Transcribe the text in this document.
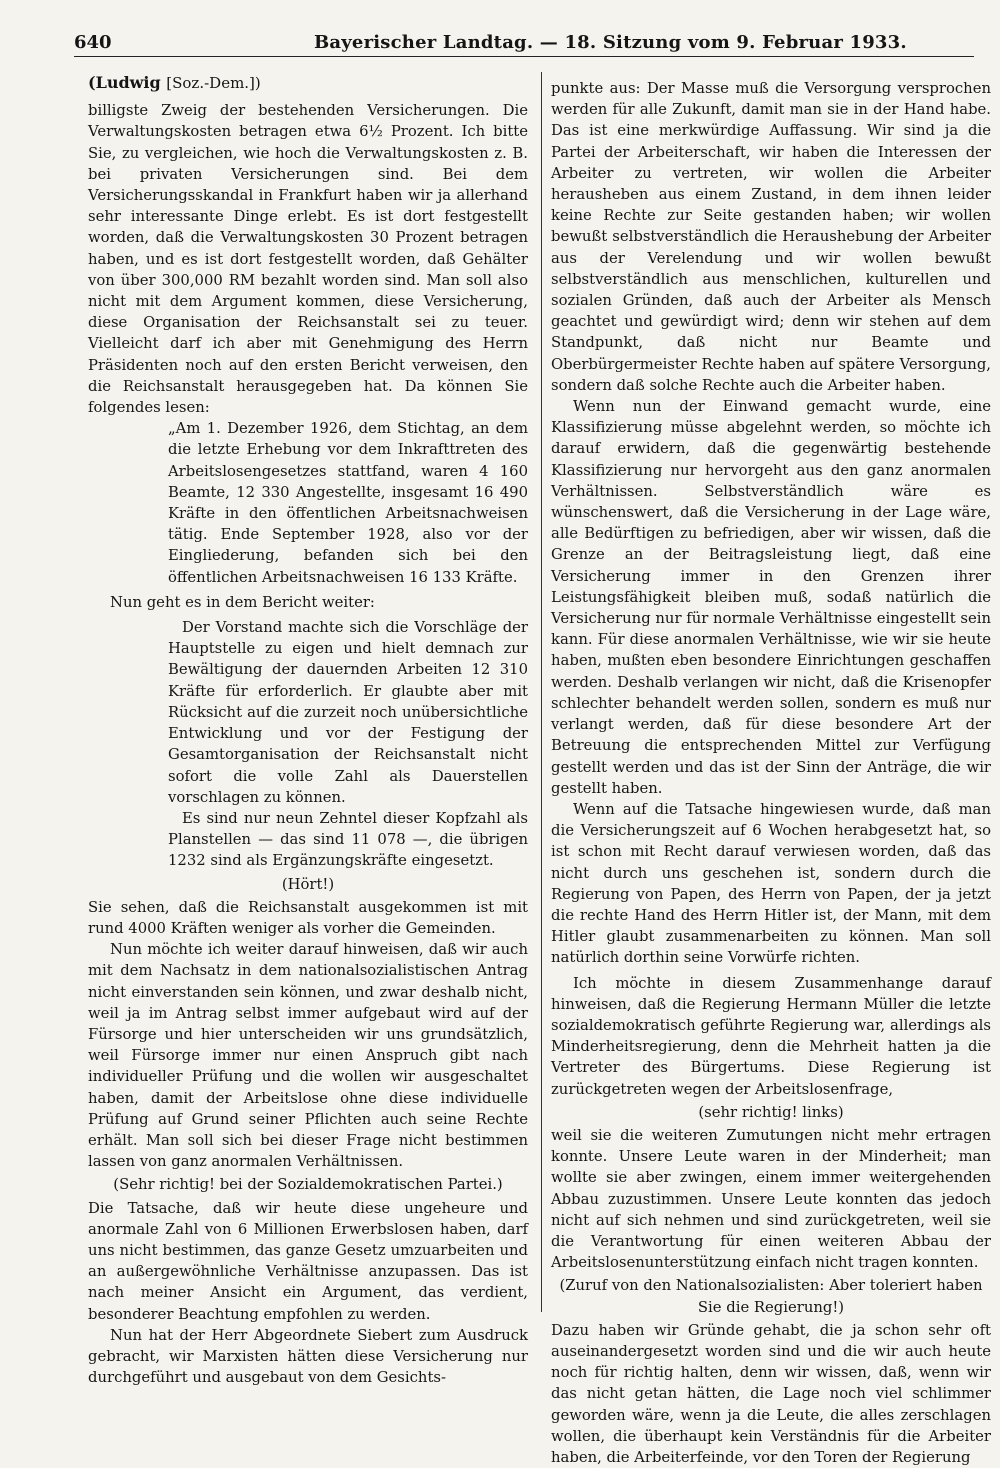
640	Bayerischer Landtag. — 18. Sitzung vom 9. Februar 1933.

(Ludwig [Soz.-Dem.])

billigste Zweig der bestehenden Versicherungen. Die Verwaltungskosten betragen etwa 6½ Prozent. Ich bitte Sie, zu vergleichen, wie hoch die Verwaltungskosten z. B. bei privaten Versicherungen sind. Bei dem Versicherungsskandal in Frankfurt haben wir ja allerhand sehr interessante Dinge erlebt. Es ist dort festgestellt worden, daß die Verwaltungskosten 30 Prozent betragen haben, und es ist dort festgestellt worden, daß Gehälter von über 300,000 RM bezahlt worden sind. Man soll also nicht mit dem Argument kommen, diese Versicherung, diese Organisation der Reichsanstalt sei zu teuer. Vielleicht darf ich aber mit Genehmigung des Herrn Präsidenten noch auf den ersten Bericht verweisen, den die Reichsanstalt herausgegeben hat. Da können Sie folgendes lesen:

„Am 1. Dezember 1926, dem Stichtag, an dem die letzte Erhebung vor dem Inkrafttreten des Arbeitslosengesetzes stattfand, waren 4 160 Beamte, 12 330 Angestellte, insgesamt 16 490 Kräfte in den öffentlichen Arbeitsnachweisen tätig. Ende September 1928, also vor der Eingliederung, befanden sich bei den öffentlichen Arbeitsnachweisen 16 133 Kräfte.

Nun geht es in dem Bericht weiter:

Der Vorstand machte sich die Vorschläge der Hauptstelle zu eigen und hielt demnach zur Bewältigung der dauernden Arbeiten 12 310 Kräfte für erforderlich. Er glaubte aber mit Rücksicht auf die zurzeit noch unübersichtliche Entwicklung und vor der Festigung der Gesamtorganisation der Reichsanstalt nicht sofort die volle Zahl als Dauerstellen vorschlagen zu können.

Es sind nur neun Zehntel dieser Kopfzahl als Planstellen — das sind 11 078 —, die übrigen 1232 sind als Ergänzungskräfte eingesetzt.

(Hört!)

Sie sehen, daß die Reichsanstalt ausgekommen ist mit rund 4000 Kräften weniger als vorher die Gemeinden.

Nun möchte ich weiter darauf hinweisen, daß wir auch mit dem Nachsatz in dem nationalsozialistischen Antrag nicht einverstanden sein können, und zwar deshalb nicht, weil ja im Antrag selbst immer aufgebaut wird auf der Fürsorge und hier unterscheiden wir uns grundsätzlich, weil Fürsorge immer nur einen Anspruch gibt nach individueller Prüfung und die wollen wir ausgeschaltet haben, damit der Arbeitslose ohne diese individuelle Prüfung auf Grund seiner Pflichten auch seine Rechte erhält. Man soll sich bei dieser Frage nicht bestimmen lassen von ganz anormalen Verhältnissen.

(Sehr richtig! bei der Sozialdemokratischen Partei.)

Die Tatsache, daß wir heute diese ungeheure und anormale Zahl von 6 Millionen Erwerbslosen haben, darf uns nicht bestimmen, das ganze Gesetz umzuarbeiten und an außergewöhnliche Verhältnisse anzupassen. Das ist nach meiner Ansicht ein Argument, das verdient, besonderer Beachtung empfohlen zu werden.

Nun hat der Herr Abgeordnete Siebert zum Ausdruck gebracht, wir Marxisten hätten diese Versicherung nur durchgeführt und ausgebaut von dem Gesichts-

punkte aus: Der Masse muß die Versorgung versprochen werden für alle Zukunft, damit man sie in der Hand habe. Das ist eine merkwürdige Auffassung. Wir sind ja die Partei der Arbeiterschaft, wir haben die Interessen der Arbeiter zu vertreten, wir wollen die Arbeiter herausheben aus einem Zustand, in dem ihnen leider keine Rechte zur Seite gestanden haben; wir wollen bewußt selbstverständlich die Heraushebung der Arbeiter aus der Verelendung und wir wollen bewußt selbstverständlich aus menschlichen, kulturellen und sozialen Gründen, daß auch der Arbeiter als Mensch geachtet und gewürdigt wird; denn wir stehen auf dem Standpunkt, daß nicht nur Beamte und Oberbürgermeister Rechte haben auf spätere Versorgung, sondern daß solche Rechte auch die Arbeiter haben.

Wenn nun der Einwand gemacht wurde, eine Klassifizierung müsse abgelehnt werden, so möchte ich darauf erwidern, daß die gegenwärtig bestehende Klassifizierung nur hervorgeht aus den ganz anormalen Verhältnissen. Selbstverständlich wäre es wünschenswert, daß die Versicherung in der Lage wäre, alle Bedürftigen zu befriedigen, aber wir wissen, daß die Grenze an der Beitragsleistung liegt, daß eine Versicherung immer in den Grenzen ihrer Leistungsfähigkeit bleiben muß, sodaß natürlich die Versicherung nur für normale Verhältnisse eingestellt sein kann. Für diese anormalen Verhältnisse, wie wir sie heute haben, mußten eben besondere Einrichtungen geschaffen werden. Deshalb verlangen wir nicht, daß die Krisenopfer schlechter behandelt werden sollen, sondern es muß nur verlangt werden, daß für diese besondere Art der Betreuung die entsprechenden Mittel zur Verfügung gestellt werden und das ist der Sinn der Anträge, die wir gestellt haben.

Wenn auf die Tatsache hingewiesen wurde, daß man die Versicherungszeit auf 6 Wochen herabgesetzt hat, so ist schon mit Recht darauf verwiesen worden, daß das nicht durch uns geschehen ist, sondern durch die Regierung von Papen, des Herrn von Papen, der ja jetzt die rechte Hand des Herrn Hitler ist, der Mann, mit dem Hitler glaubt zusammenarbeiten zu können. Man soll natürlich dorthin seine Vorwürfe richten.

Ich möchte in diesem Zusammenhange darauf hinweisen, daß die Regierung Hermann Müller die letzte sozialdemokratisch geführte Regierung war, allerdings als Minderheitsregierung, denn die Mehrheit hatten ja die Vertreter des Bürgertums. Diese Regierung ist zurückgetreten wegen der Arbeitslosenfrage,

(sehr richtig! links)

weil sie die weiteren Zumutungen nicht mehr ertragen konnte. Unsere Leute waren in der Minderheit; man wollte sie aber zwingen, einem immer weitergehenden Abbau zuzustimmen. Unsere Leute konnten das jedoch nicht auf sich nehmen und sind zurückgetreten, weil sie die Verantwortung für einen weiteren Abbau der Arbeitslosenunterstützung einfach nicht tragen konnten.

(Zuruf von den Nationalsozialisten: Aber toleriert haben Sie die Regierung!)

Dazu haben wir Gründe gehabt, die ja schon sehr oft auseinandergesetzt worden sind und die wir auch heute noch für richtig halten, denn wir wissen, daß, wenn wir das nicht getan hätten, die Lage noch viel schlimmer geworden wäre, wenn ja die Leute, die alles zerschlagen wollen, die überhaupt kein Verständnis für die Arbeiter haben, die Arbeiterfeinde, vor den Toren der Regierung
